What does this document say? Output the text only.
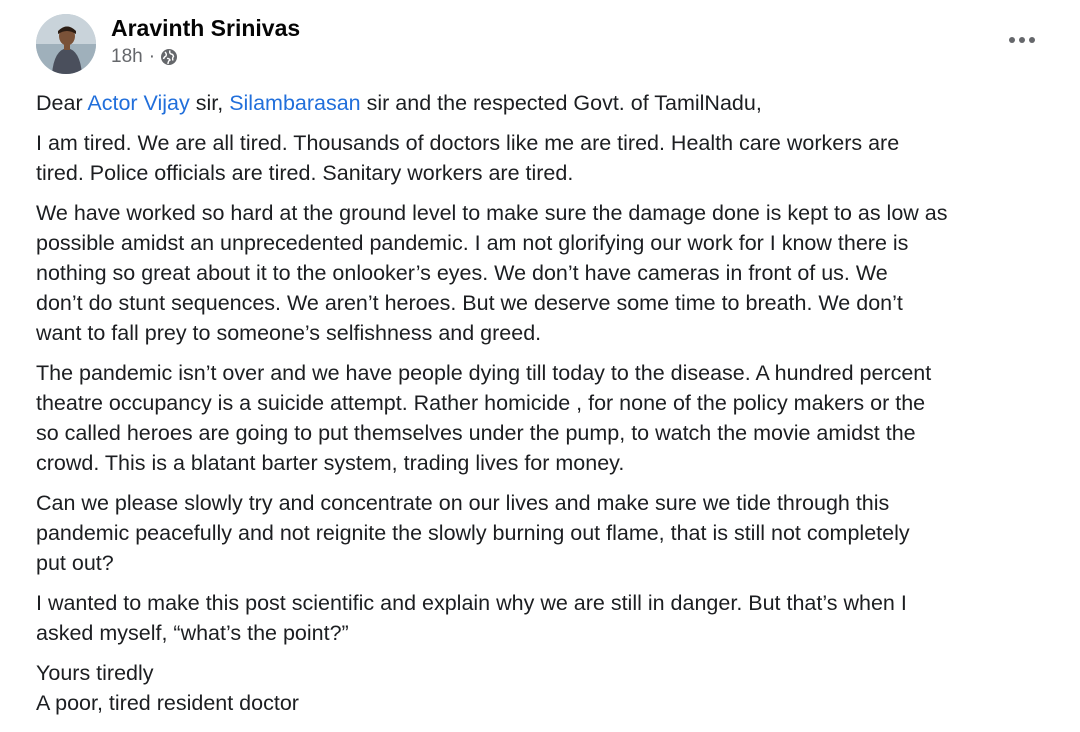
Aravinth Srinivas
18h ·

Dear Actor Vijay sir, Silambarasan sir and the respected Govt. of TamilNadu,

I am tired. We are all tired. Thousands of doctors like me are tired. Health care workers are
tired. Police officials are tired. Sanitary workers are tired.

We have worked so hard at the ground level to make sure the damage done is kept to as low as
possible amidst an unprecedented pandemic. I am not glorifying our work for I know there is
nothing so great about it to the onlooker’s eyes. We don’t have cameras in front of us. We
don’t do stunt sequences. We aren’t heroes. But we deserve some time to breath. We don’t
want to fall prey to someone’s selfishness and greed.

The pandemic isn’t over and we have people dying till today to the disease. A hundred percent
theatre occupancy is a suicide attempt. Rather homicide , for none of the policy makers or the
so called heroes are going to put themselves under the pump, to watch the movie amidst the
crowd. This is a blatant barter system, trading lives for money.

Can we please slowly try and concentrate on our lives and make sure we tide through this
pandemic peacefully and not reignite the slowly burning out flame, that is still not completely
put out?

I wanted to make this post scientific and explain why we are still in danger. But that’s when I
asked myself, “what’s the point?”

Yours tiredly
A poor, tired resident doctor
